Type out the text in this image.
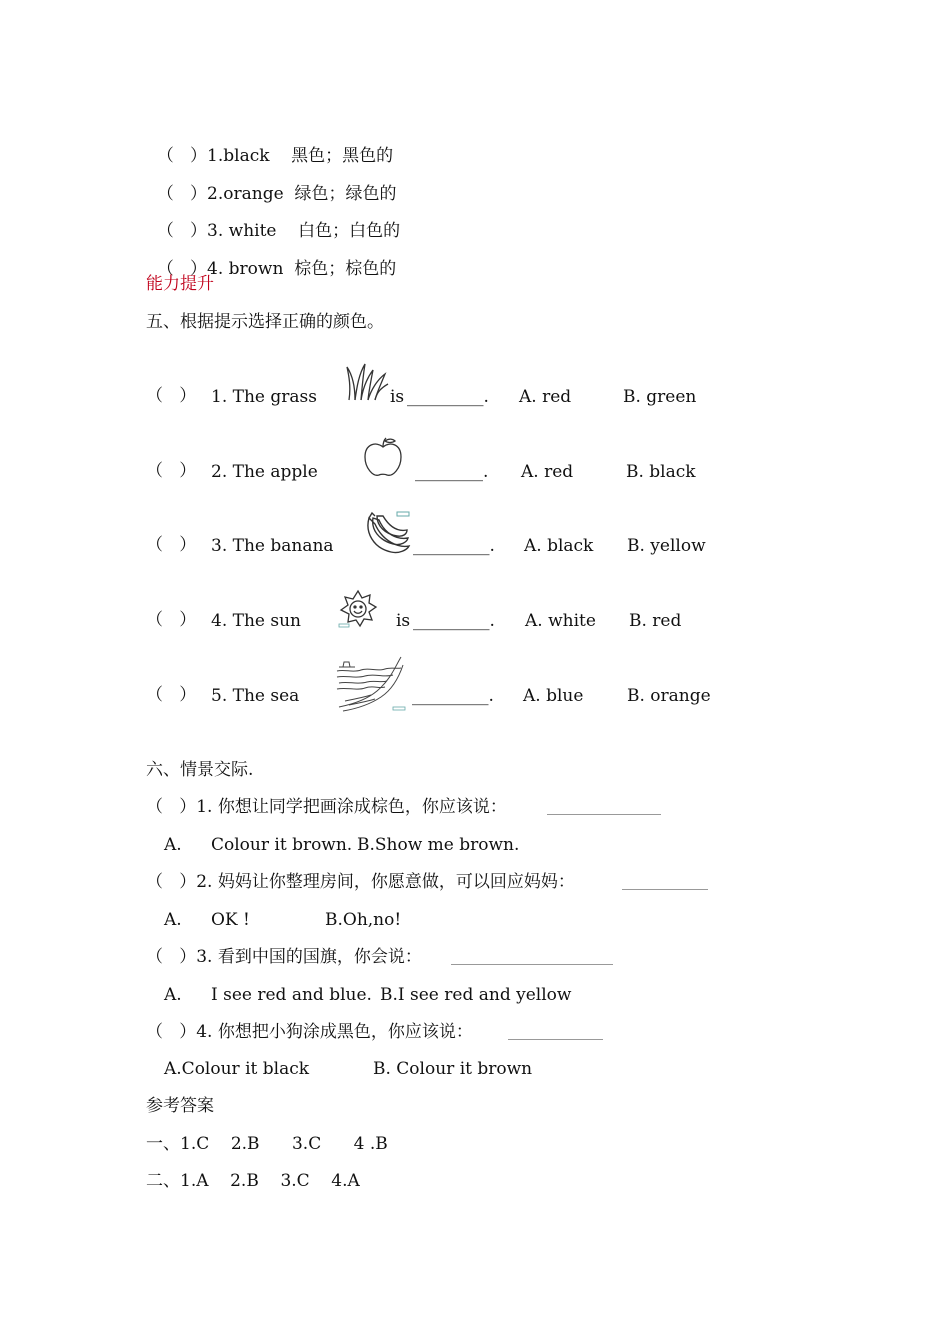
（   ）1.black    黑色；黑色的

（   ）2.orange  绿色；绿色的

（   ）3. white    白色；白色的

（   ）4. brown  棕色；棕色的

能力提升
五、根据提示选择正确的颜色。
（   ） 1. The grass	is _________. A. red	B. green
（   ） 2. The apple	________. A. red	B. black
（   ） 3. The banana	_________. A. black B. yellow
（   ） 4. The sun	is _________. A. white B. red
（   ） 5. The sea	_________. A. blue	B. orange
六、情景交际.
（   ）1. 你想让同学把画涂成棕色，你应该说：
A. Colour it brown. B.Show me brown.
（   ）2. 妈妈让你整理房间，你愿意做，可以回应妈妈：
A. OK !	B.Oh,no!
（   ）3. 看到中国的国旗，你会说：
A. I see red and blue. B.I see red and yellow
（   ）4. 你想把小狗涂成黑色，你应该说：
A.Colour it black	B. Colour it brown
参考答案
一、1.C    2.B      3.C      4 .B
二、1.A    2.B    3.C    4.A
